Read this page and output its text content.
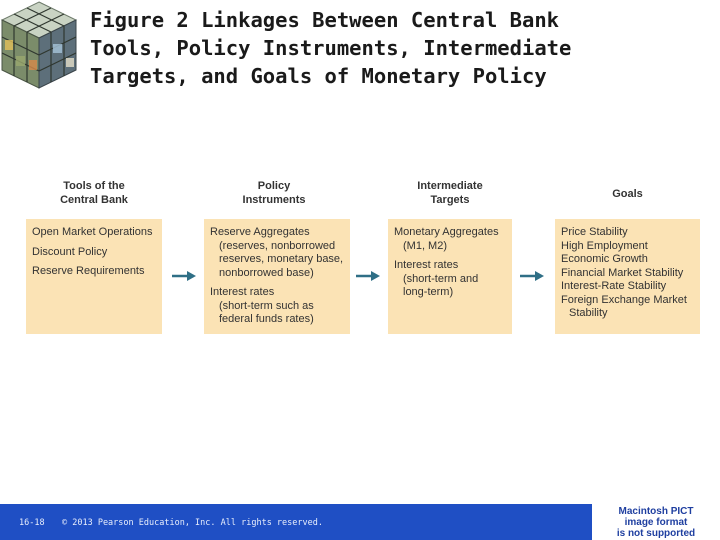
Figure 2 Linkages Between Central Bank
Tools, Policy Instruments, Intermediate
Targets, and Goals of Monetary Policy
Tools of the
Central Bank
Policy
Instruments
Intermediate
Targets	Goals
Open Market Operations
Discount Policy
Reserve Requirements
Reserve Aggregates
(reserves, nonborrowed
reserves, monetary base,
nonborrowed base)
Interest rates
(short-term such as
federal funds rates)
Monetary Aggregates
(M1, M2)
Interest rates
(short-term and
long-term)
Price Stability
High Employment
Economic Growth
Financial Market Stability
Interest-Rate Stability
Foreign Exchange Market
Stability
16-18 © 2013 Pearson Education, Inc. All rights reserved.
Macintosh PICT
image format
is not supported
